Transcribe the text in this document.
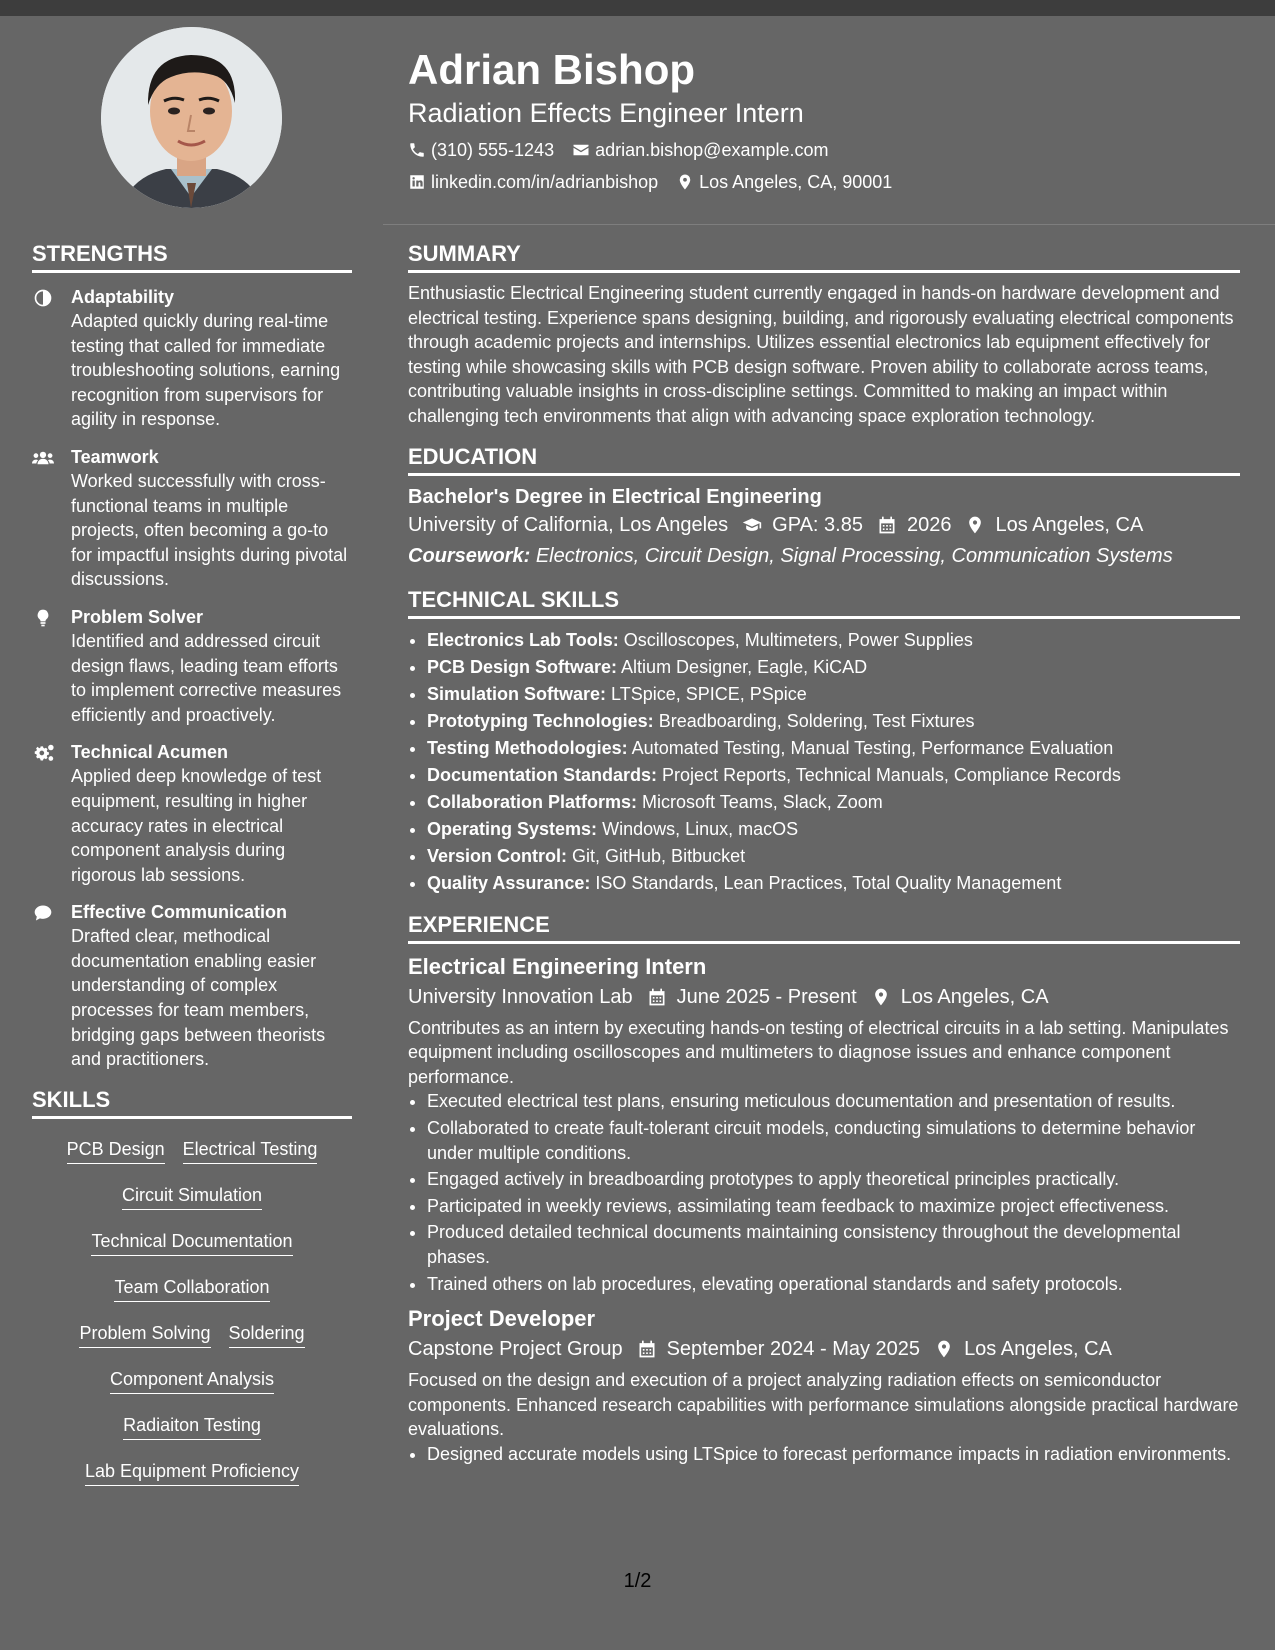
Adrian Bishop
Radiation Effects Engineer Intern
(310) 555-1243 adrian.bishop@example.com
linkedin.com/in/adrianbishop Los Angeles, CA, 90001
STRENGTHS
Adaptability
Adapted quickly during real-time testing that called for immediate troubleshooting solutions, earning recognition from supervisors for agility in response.
Teamwork
Worked successfully with cross-functional teams in multiple projects, often becoming a go-to for impactful insights during pivotal discussions.
Problem Solver
Identified and addressed circuit design flaws, leading team efforts to implement corrective measures efficiently and proactively.
Technical Acumen
Applied deep knowledge of test equipment, resulting in higher accuracy rates in electrical component analysis during rigorous lab sessions.
Effective Communication
Drafted clear, methodical documentation enabling easier understanding of complex processes for team members, bridging gaps between theorists and practitioners.
SKILLS
PCB Design Electrical Testing
Circuit Simulation
Technical Documentation
Team Collaboration
Problem Solving Soldering
Component Analysis
Radiaiton Testing
Lab Equipment Proficiency
SUMMARY

Enthusiastic Electrical Engineering student currently engaged in hands-on hardware development and electrical testing. Experience spans designing, building, and rigorously evaluating electrical components through academic projects and internships. Utilizes essential electronics lab equipment effectively for testing while showcasing skills with PCB design software. Proven ability to collaborate across teams, contributing valuable insights in cross-discipline settings. Committed to making an impact within challenging tech environments that align with advancing space exploration technology.

EDUCATION
Bachelor's Degree in Electrical Engineering
University of California, Los Angeles GPA: 3.85 2026 Los Angeles, CA
Coursework: Electronics, Circuit Design, Signal Processing, Communication Systems
TECHNICAL SKILLS
• Electronics Lab Tools: Oscilloscopes, Multimeters, Power Supplies
• PCB Design Software: Altium Designer, Eagle, KiCAD
• Simulation Software: LTSpice, SPICE, PSpice
• Prototyping Technologies: Breadboarding, Soldering, Test Fixtures
• Testing Methodologies: Automated Testing, Manual Testing, Performance Evaluation
• Documentation Standards: Project Reports, Technical Manuals, Compliance Records
• Collaboration Platforms: Microsoft Teams, Slack, Zoom
• Operating Systems: Windows, Linux, macOS
• Version Control: Git, GitHub, Bitbucket
• Quality Assurance: ISO Standards, Lean Practices, Total Quality Management
EXPERIENCE
Electrical Engineering Intern
University Innovation Lab June 2025 - Present Los Angeles, CA

Contributes as an intern by executing hands-on testing of electrical circuits in a lab setting. Manipulates equipment including oscilloscopes and multimeters to diagnose issues and enhance component performance.

• Executed electrical test plans, ensuring meticulous documentation and presentation of results.
• Collaborated to create fault-tolerant circuit models, conducting simulations to determine behavior under multiple conditions.
• Engaged actively in breadboarding prototypes to apply theoretical principles practically.
• Participated in weekly reviews, assimilating team feedback to maximize project effectiveness.
• Produced detailed technical documents maintaining consistency throughout the developmental phases.
• Trained others on lab procedures, elevating operational standards and safety protocols.
Project Developer
Capstone Project Group September 2024 - May 2025 Los Angeles, CA

Focused on the design and execution of a project analyzing radiation effects on semiconductor components. Enhanced research capabilities with performance simulations alongside practical hardware evaluations.

• Designed accurate models using LTSpice to forecast performance impacts in radiation environments.
1/2
